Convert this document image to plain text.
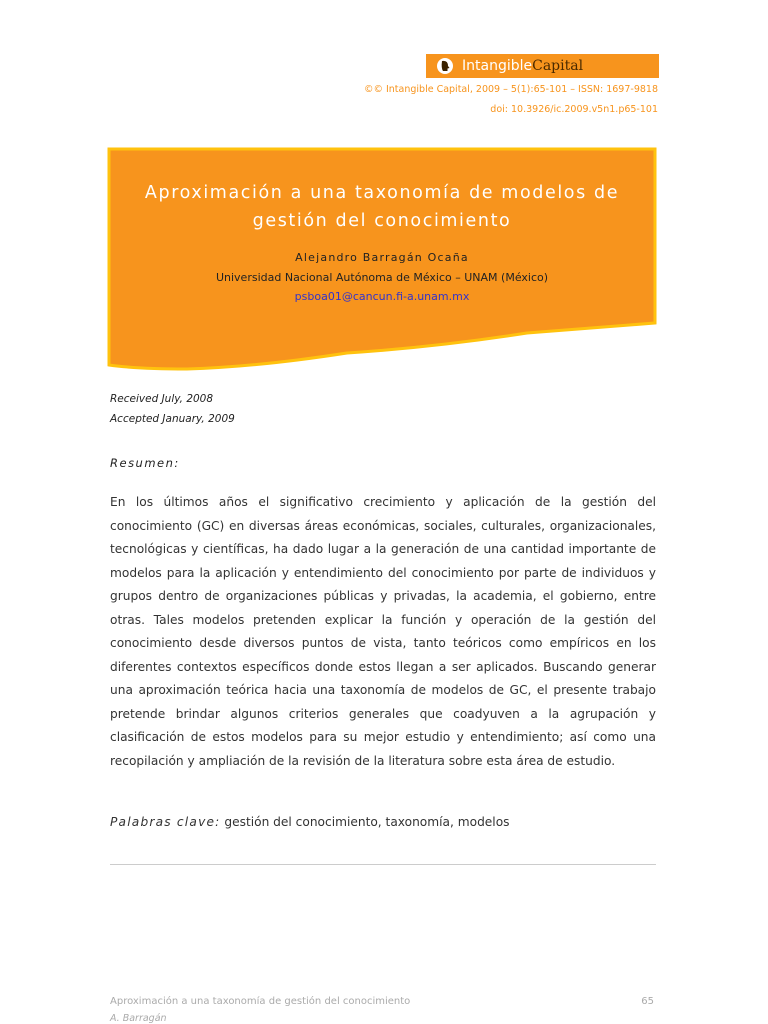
Intangible Capital
©© Intangible Capital, 2009 – 5(1):65-101 – ISSN: 1697-9818
doi: 10.3926/ic.2009.v5n1.p65-101
Aproximación a una taxonomía de modelos de gestión del conocimiento
Alejandro Barragán Ocaña
Universidad Nacional Autónoma de México – UNAM (México)
psboa01@cancun.fi-a.unam.mx
Received July, 2008
Accepted January, 2009
Resumen:

En los últimos años el significativo crecimiento y aplicación de la gestión del conocimiento (GC) en diversas áreas económicas, sociales, culturales, organizacionales, tecnológicas y científicas, ha dado lugar a la generación de una cantidad importante de modelos para la aplicación y entendimiento del conocimiento por parte de individuos y grupos dentro de organizaciones públicas y privadas, la academia, el gobierno, entre otras. Tales modelos pretenden explicar la función y operación de la gestión del conocimiento desde diversos puntos de vista, tanto teóricos como empíricos en los diferentes contextos específicos donde estos llegan a ser aplicados. Buscando generar una aproximación teórica hacia una taxonomía de modelos de GC, el presente trabajo pretende brindar algunos criterios generales que coadyuven a la agrupación y clasificación de estos modelos para su mejor estudio y entendimiento; así como una recopilación y ampliación de la revisión de la literatura sobre esta área de estudio.

Palabras clave: gestión del conocimiento, taxonomía, modelos
Aproximación a una taxonomía de gestión del conocimiento	65
A. Barragán
